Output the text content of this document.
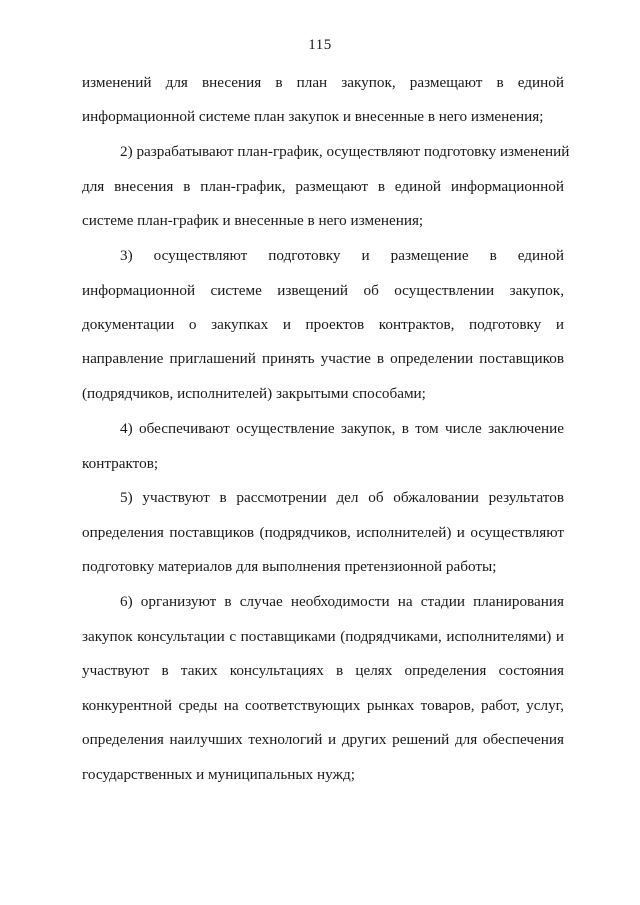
115
изменений для внесения в план закупок, размещают в единой
информационной системе план закупок и внесенные в него изменения;
2) разрабатывают план-график, осуществляют подготовку изменений
для внесения в план-график, размещают в единой информационной
системе план-график и внесенные в него изменения;
3) осуществляют подготовку и размещение в единой
информационной системе извещений об осуществлении закупок,
документации о закупках и проектов контрактов, подготовку и
направление приглашений принять участие в определении поставщиков
(подрядчиков, исполнителей) закрытыми способами;
4) обеспечивают осуществление закупок, в том числе заключение
контрактов;
5) участвуют в рассмотрении дел об обжаловании результатов
определения поставщиков (подрядчиков, исполнителей) и осуществляют
подготовку материалов для выполнения претензионной работы;
6) организуют в случае необходимости на стадии планирования
закупок консультации с поставщиками (подрядчиками, исполнителями) и
участвуют в таких консультациях в целях определения состояния
конкурентной среды на соответствующих рынках товаров, работ, услуг,
определения наилучших технологий и других решений для обеспечения
государственных и муниципальных нужд;
